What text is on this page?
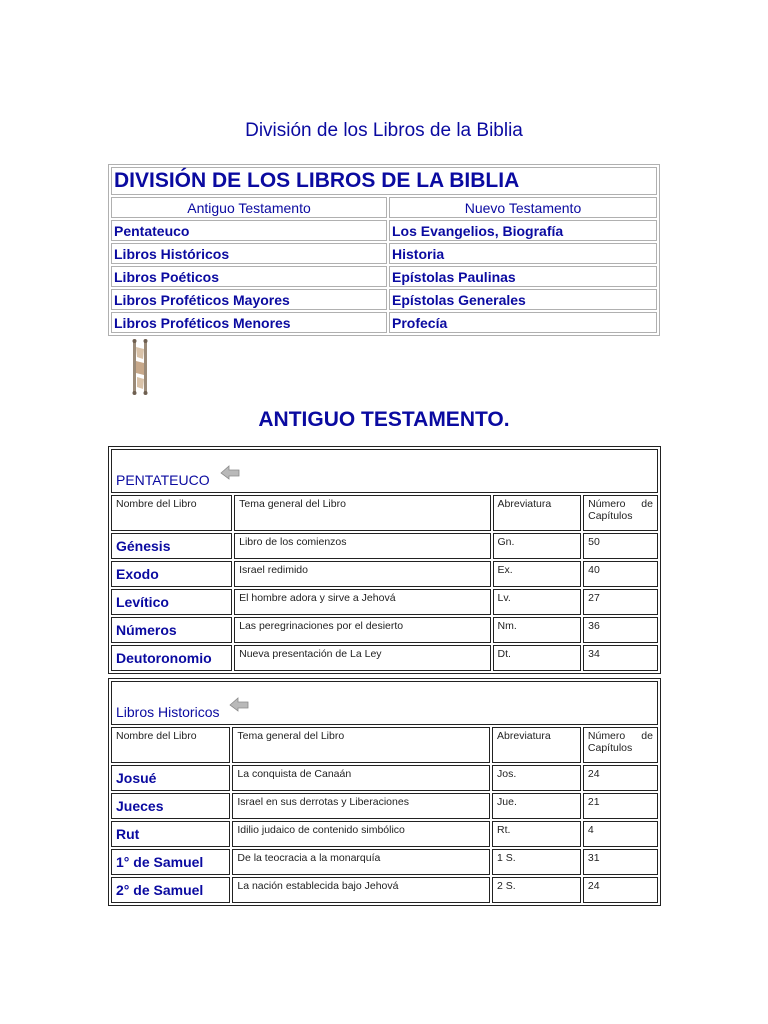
División de los Libros de la Biblia
DIVISIÓN DE LOS LIBROS DE LA BIBLIA	
Antiguo Testamento	Nuevo Testamento
Pentateuco	Los Evangelios, Biografía
Libros Históricos	Historia
Libros Poéticos	Epístolas Paulinas
Libros Proféticos Mayores	Epístolas Generales
Libros Proféticos Menores	Profecía
ANTIGUO TESTAMENTO.
PENTATEUCO			
Nombre del Libro	Tema general del Libro	Abreviatura	Número de Capítulos
Génesis	Libro de los comienzos	Gn.	50
Exodo	Israel redimido	Ex.	40
Levítico	El hombre adora y sirve a Jehová	Lv.	27
Números	Las peregrinaciones por el desierto	Nm.	36
Deutoronomio	Nueva presentación de La Ley	Dt.	34
Libros Historicos			
Nombre del Libro	Tema general del Libro	Abreviatura	Número de Capítulos
Josué	La conquista de Canaán	Jos.	24
Jueces	Israel en sus derrotas y Liberaciones	Jue.	21
Rut	Idilio judaico de contenido simbólico	Rt.	4
1° de Samuel	De la teocracia a la monarquía	1 S.	31
2° de Samuel	La nación establecida bajo Jehová	2 S.	24
